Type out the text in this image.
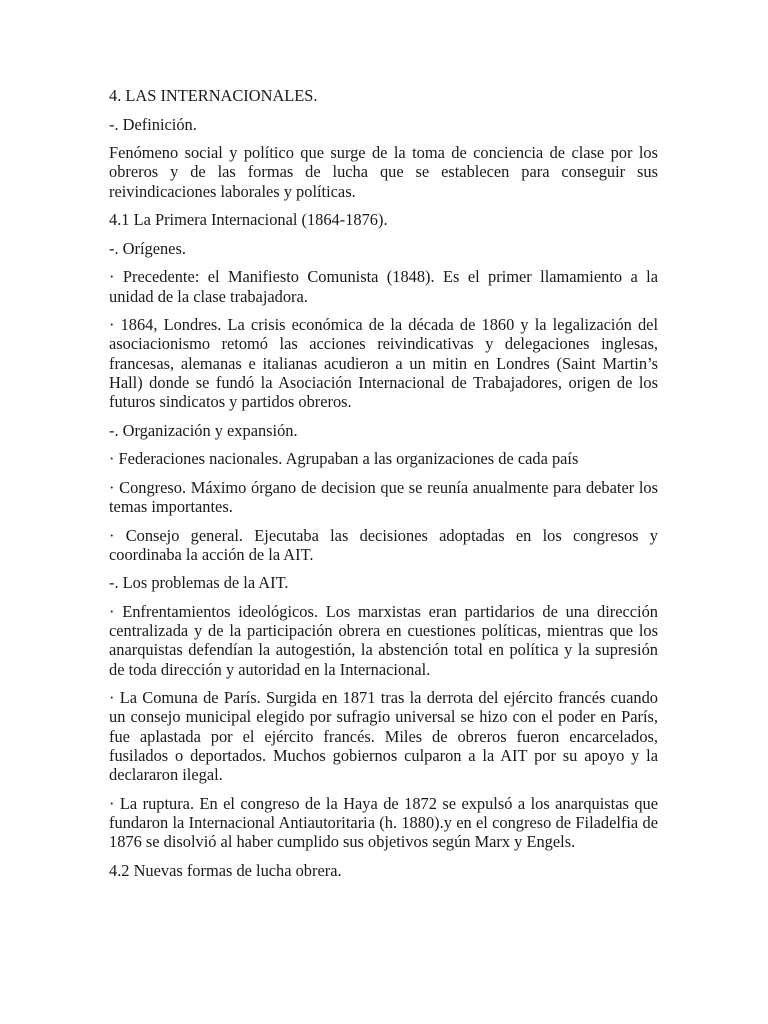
4. LAS INTERNACIONALES.

-. Definición.

Fenómeno social y político que surge de la toma de conciencia de clase por los obreros y de las formas de lucha que se establecen para conseguir sus reivindicaciones laborales y políticas.

4.1 La Primera Internacional (1864-1876).

-. Orígenes.

· Precedente: el Manifiesto Comunista (1848). Es el primer llamamiento a la unidad de la clase trabajadora.

· 1864, Londres. La crisis económica de la década de 1860 y la legalización del asociacionismo retomó las acciones reivindicativas y delegaciones inglesas, francesas, alemanas e italianas acudieron a un mitin en Londres (Saint Martin’s Hall) donde se fundó la Asociación Internacional de Trabajadores, origen de los futuros sindicatos y partidos obreros.

-. Organización y expansión.

· Federaciones nacionales. Agrupaban a las organizaciones de cada país

· Congreso. Máximo órgano de decision que se reunía anualmente para debater los temas importantes.

· Consejo general. Ejecutaba las decisiones adoptadas en los congresos y coordinaba la acción de la AIT.

-. Los problemas de la AIT.

· Enfrentamientos ideológicos. Los marxistas eran partidarios de una dirección centralizada y de la participación obrera en cuestiones políticas, mientras que los anarquistas defendían la autogestión, la abstención total en política y la supresión de toda dirección y autoridad en la Internacional.

· La Comuna de París. Surgida en 1871 tras la derrota del ejército francés cuando un consejo municipal elegido por sufragio universal se hizo con el poder en París, fue aplastada por el ejército francés. Miles de obreros fueron encarcelados, fusilados o deportados. Muchos gobiernos culparon a la AIT por su apoyo y la declararon ilegal.

· La ruptura. En el congreso de la Haya de 1872 se expulsó a los anarquistas que fundaron la Internacional Antiautoritaria (h. 1880).y en el congreso de Filadelfia de 1876 se disolvió al haber cumplido sus objetivos según Marx y Engels.

4.2 Nuevas formas de lucha obrera.
